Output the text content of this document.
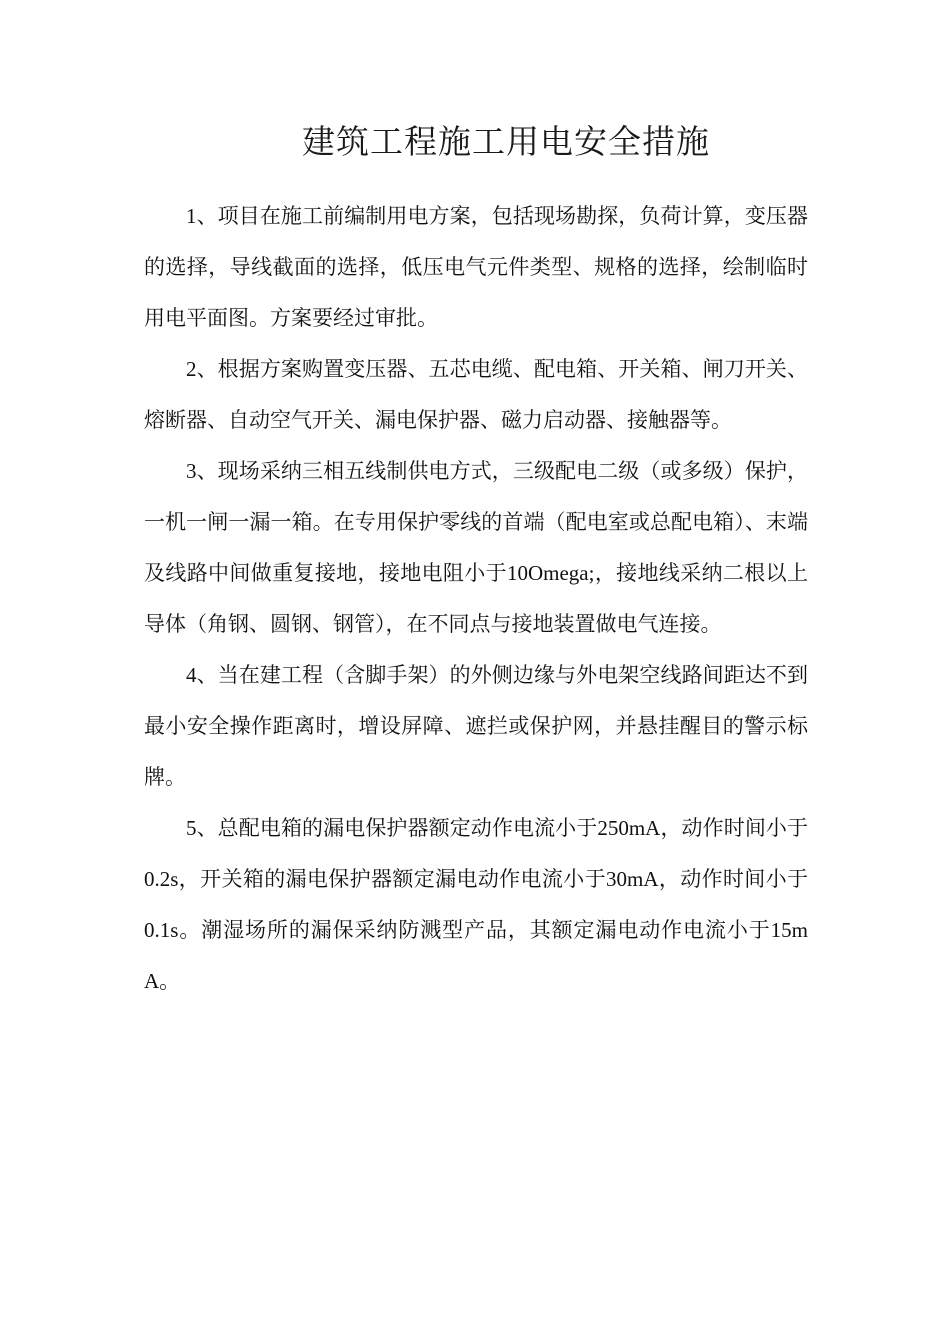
建筑工程施工用电安全措施

1、项目在施工前编制用电方案，包括现场勘探，负荷计算，变压器的选择，导线截面的选择，低压电气元件类型、规格的选择，绘制临时用电平面图。方案要经过审批。

2、根据方案购置变压器、五芯电缆、配电箱、开关箱、闸刀开关、熔断器、自动空气开关、漏电保护器、磁力启动器、接触器等。

3、现场采纳三相五线制供电方式，三级配电二级（或多级）保护，一机一闸一漏一箱。在专用保护零线的首端（配电室或总配电箱）、末端及线路中间做重复接地，接地电阻小于10Omega;，接地线采纳二根以上导体（角钢、圆钢、钢管），在不同点与接地装置做电气连接。

4、当在建工程（含脚手架）的外侧边缘与外电架空线路间距达不到最小安全操作距离时，增设屏障、遮拦或保护网，并悬挂醒目的警示标牌。

5、总配电箱的漏电保护器额定动作电流小于250mA，动作时间小于0.2s，开关箱的漏电保护器额定漏电动作电流小于30mA，动作时间小于0.1s。潮湿场所的漏保采纳防溅型产品，其额定漏电动作电流小于15mA。
